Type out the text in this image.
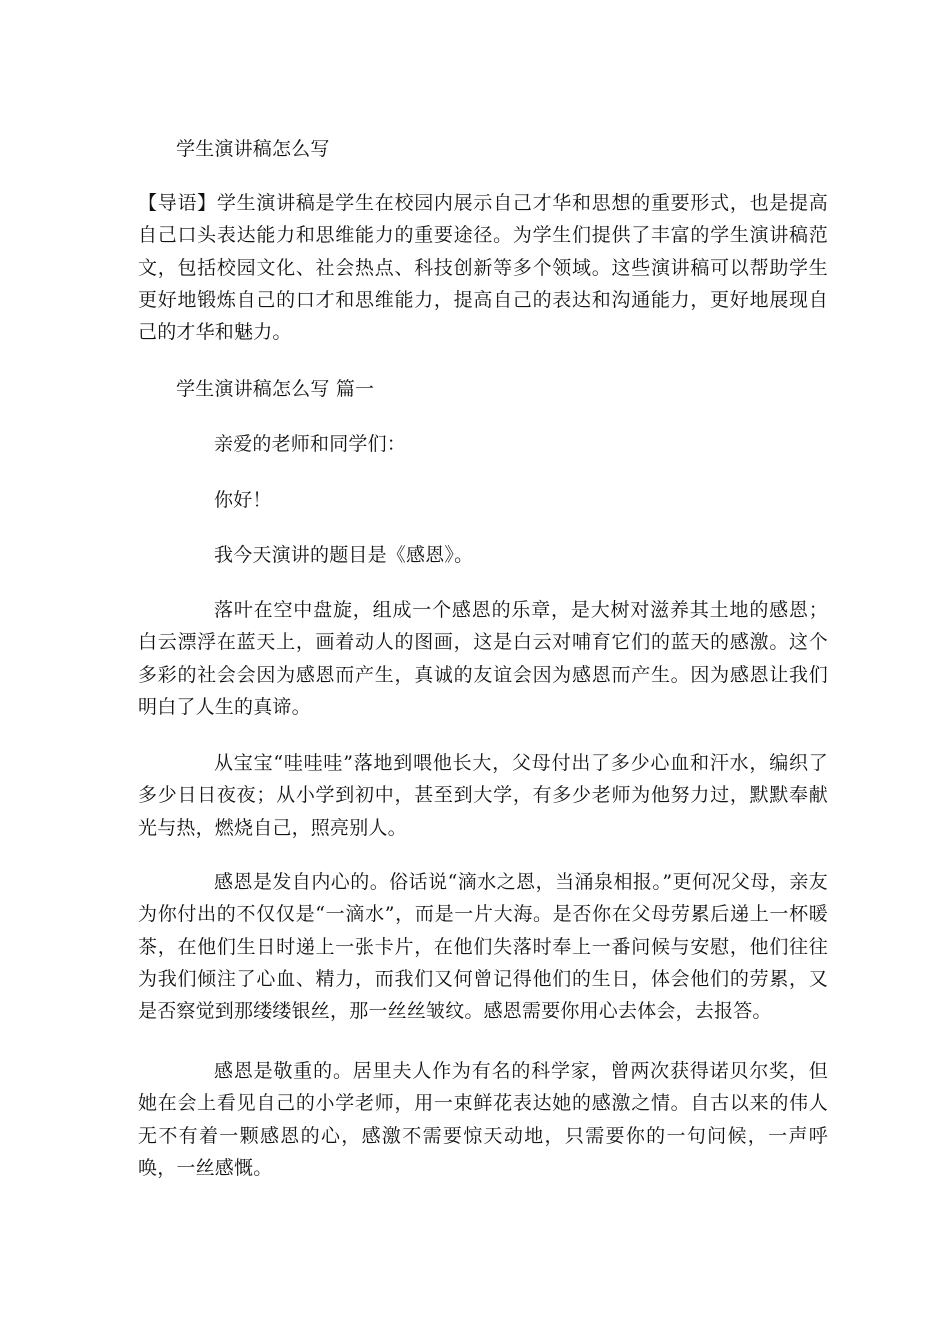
学生演讲稿怎么写

【导语】学生演讲稿是学生在校园内展示自己才华和思想的重要形式，也是提高自己口头表达能力和思维能力的重要途径。为学生们提供了丰富的学生演讲稿范文，包括校园文化、社会热点、科技创新等多个领域。这些演讲稿可以帮助学生更好地锻炼自己的口才和思维能力，提高自己的表达和沟通能力，更好地展现自己的才华和魅力。

学生演讲稿怎么写 篇一

亲爱的老师和同学们：

你好！

我今天演讲的题目是《感恩》。

落叶在空中盘旋，组成一个感恩的乐章，是大树对滋养其土地的感恩；白云漂浮在蓝天上，画着动人的图画，这是白云对哺育它们的蓝天的感激。这个多彩的社会会因为感恩而产生，真诚的友谊会因为感恩而产生。因为感恩让我们明白了人生的真谛。

从宝宝“哇哇哇”落地到喂他长大，父母付出了多少心血和汗水，编织了多少日日夜夜；从小学到初中，甚至到大学，有多少老师为他努力过，默默奉献光与热，燃烧自己，照亮别人。

感恩是发自内心的。俗话说“滴水之恩，当涌泉相报。”更何况父母，亲友为你付出的不仅仅是“一滴水”，而是一片大海。是否你在父母劳累后递上一杯暖茶，在他们生日时递上一张卡片，在他们失落时奉上一番问候与安慰，他们往往为我们倾注了心血、精力，而我们又何曾记得他们的生日，体会他们的劳累，又是否察觉到那缕缕银丝，那一丝丝皱纹。感恩需要你用心去体会，去报答。

感恩是敬重的。居里夫人作为有名的科学家，曾两次获得诺贝尔奖，但她在会上看见自己的小学老师，用一束鲜花表达她的感激之情。自古以来的伟人无不有着一颗感恩的心，感激不需要惊天动地，只需要你的一句问候，一声呼唤，一丝感慨。
